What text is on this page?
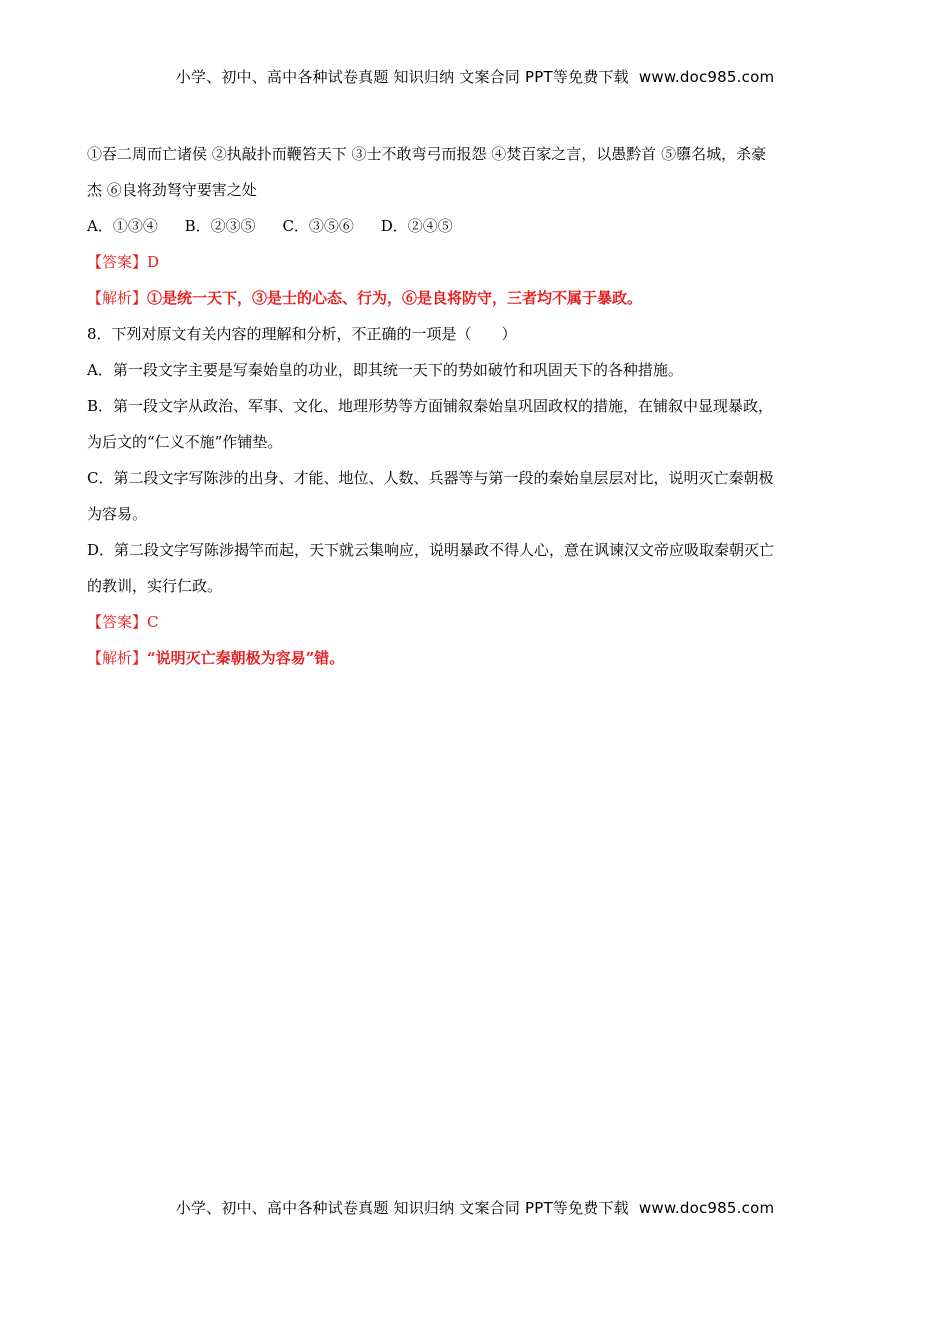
小学、初中、高中各种试卷真题 知识归纳 文案合同 PPT等免费下载 www.doc985.com
①吞二周而亡诸侯 ②执敲扑而鞭笞天下 ③士不敢弯弓而报怨 ④焚百家之言，以愚黔首 ⑤隳名城，杀豪
杰 ⑥良将劲弩守要害之处
A．①③④ B．②③⑤ C．③⑤⑥ D．②④⑤
【答案】D
【解析】①是统一天下，③是士的心态、行为，⑥是良将防守，三者均不属于暴政。
8．下列对原文有关内容的理解和分析，不正确的一项是（　　）
A．第一段文字主要是写秦始皇的功业，即其统一天下的势如破竹和巩固天下的各种措施。
B．第一段文字从政治、军事、文化、地理形势等方面铺叙秦始皇巩固政权的措施，在铺叙中显现暴政，
为后文的“仁义不施”作铺垫。
C．第二段文字写陈涉的出身、才能、地位、人数、兵器等与第一段的秦始皇层层对比，说明灭亡秦朝极
为容易。
D．第二段文字写陈涉揭竿而起，天下就云集响应，说明暴政不得人心，意在讽谏汉文帝应吸取秦朝灭亡
的教训，实行仁政。
【答案】C
【解析】“说明灭亡秦朝极为容易”错。
小学、初中、高中各种试卷真题 知识归纳 文案合同 PPT等免费下载 www.doc985.com
